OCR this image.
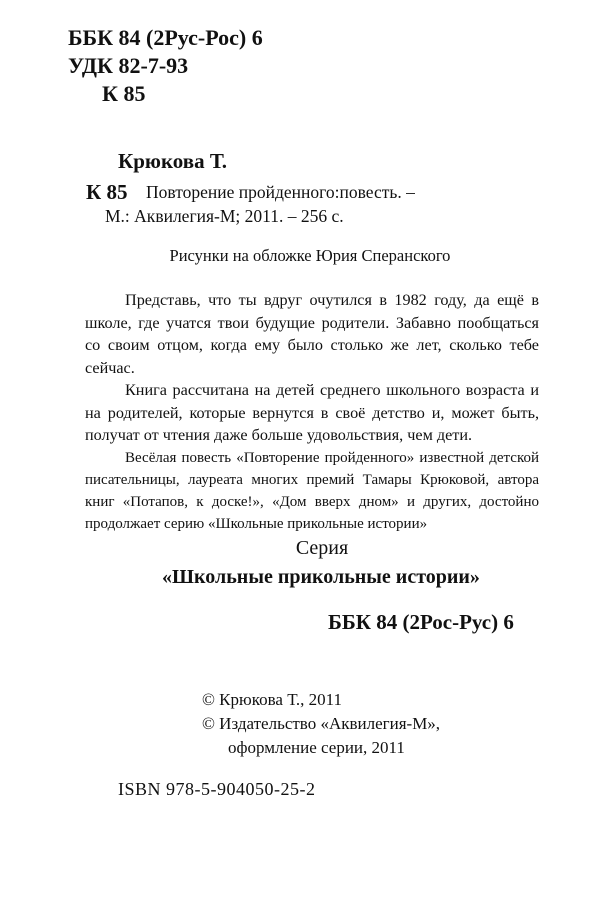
ББК 84 (2Рус-Рос) 6
УДК 82-7-93
К 85
Крюкова Т.
К 85 Повторение пройденного:повесть. –
М.: Аквилегия-М; 2011. – 256 с.
Рисунки на обложке Юрия Сперанского

Представь, что ты вдруг очутился в 1982 году, да ещё в школе, где учатся твои будущие родители. Забавно пообщаться со своим отцом, когда ему было столько же лет, сколько тебе сейчас.

Книга рассчитана на детей среднего школьного возраста и на родителей, которые вернутся в своё детство и, может быть, получат от чтения даже больше удовольствия, чем дети.

Весёлая повесть «Повторение пройденного» известной детской писательницы, лауреата многих премий Тамары Крюковой, автора книг «Потапов, к доске!», «Дом вверх дном» и других, достойно продолжает серию «Школьные прикольные истории»

Серия
«Школьные прикольные истории»
ББК 84 (2Рос-Рус) 6
© Крюкова Т., 2011
© Издательство «Аквилегия-М»,
оформление серии, 2011
ISBN 978-5-904050-25-2
